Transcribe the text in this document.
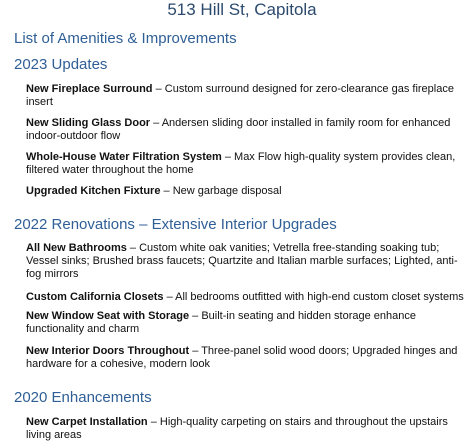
513 Hill St, Capitola
List of Amenities & Improvements
2023 Updates
New Fireplace Surround – Custom surround designed for zero-clearance gas fireplace insert
New Sliding Glass Door – Andersen sliding door installed in family room for enhanced indoor-outdoor flow
Whole-House Water Filtration System – Max Flow high-quality system provides clean, filtered water throughout the home
Upgraded Kitchen Fixture – New garbage disposal
2022 Renovations – Extensive Interior Upgrades
All New Bathrooms – Custom white oak vanities; Vetrella free-standing soaking tub; Vessel sinks; Brushed brass faucets; Quartzite and Italian marble surfaces; Lighted, anti-fog mirrors
Custom California Closets – All bedrooms outfitted with high-end custom closet systems
New Window Seat with Storage – Built-in seating and hidden storage enhance functionality and charm
New Interior Doors Throughout – Three-panel solid wood doors; Upgraded hinges and hardware for a cohesive, modern look
2020 Enhancements
New Carpet Installation – High-quality carpeting on stairs and throughout the upstairs living areas
